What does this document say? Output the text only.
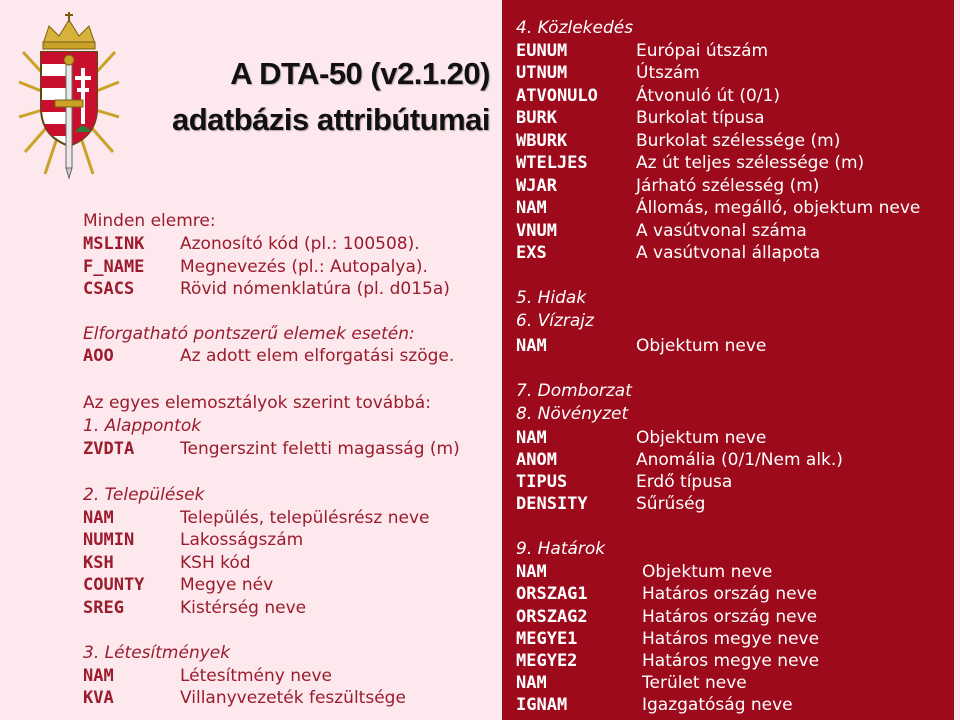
A DTA-50 (v2.1.20)
adatbázis attribútumai
Minden elemre:
MSLINK Azonosító kód (pl.: 100508).
F_NAME Megnevezés (pl.: Autopalya).
CSACS	Rövid nómenklatúra (pl. d015a)
Elforgatható pontszerű elemek esetén:
AOO	Az adott elem elforgatási szöge.
Az egyes elemosztályok szerint továbbá:
1. Alappontok
ZVDTA	Tengerszint feletti magasság (m)
2. Települések
NAM	Település, településrész neve
NUMIN	Lakosságszám
KSH	KSH kód
COUNTY Megye név
SREG	Kistérség neve
3. Létesítmények
NAM	Létesítmény neve
KVA	Villanyvezeték feszültsége
4. Közlekedés
EUNUM	Európai útszám
UTNUM	Útszám
ATVONULO Átvonuló út (0/1)
BURK	Burkolat típusa
WBURK	Burkolat szélessége (m)
WTELJES	Az út teljes szélessége (m)
WJAR	Járható szélesség (m)
NAM	Állomás, megálló, objektum neve
VNUM	A vasútvonal száma
EXS	A vasútvonal állapota
5. Hidak
6. Vízrajz
NAM	Objektum neve
7. Domborzat
8. Növényzet
NAM	Objektum neve
ANOM	Anomália (0/1/Nem alk.)
TIPUS	Erdő típusa
DENSITY	Sűrűség
9. Határok
NAM	Objektum neve
ORSZAG1	Határos ország neve
ORSZAG2	Határos ország neve
MEGYE1	Határos megye neve
MEGYE2	Határos megye neve
NAM	Terület neve
IGNAM	Igazgatóság neve
